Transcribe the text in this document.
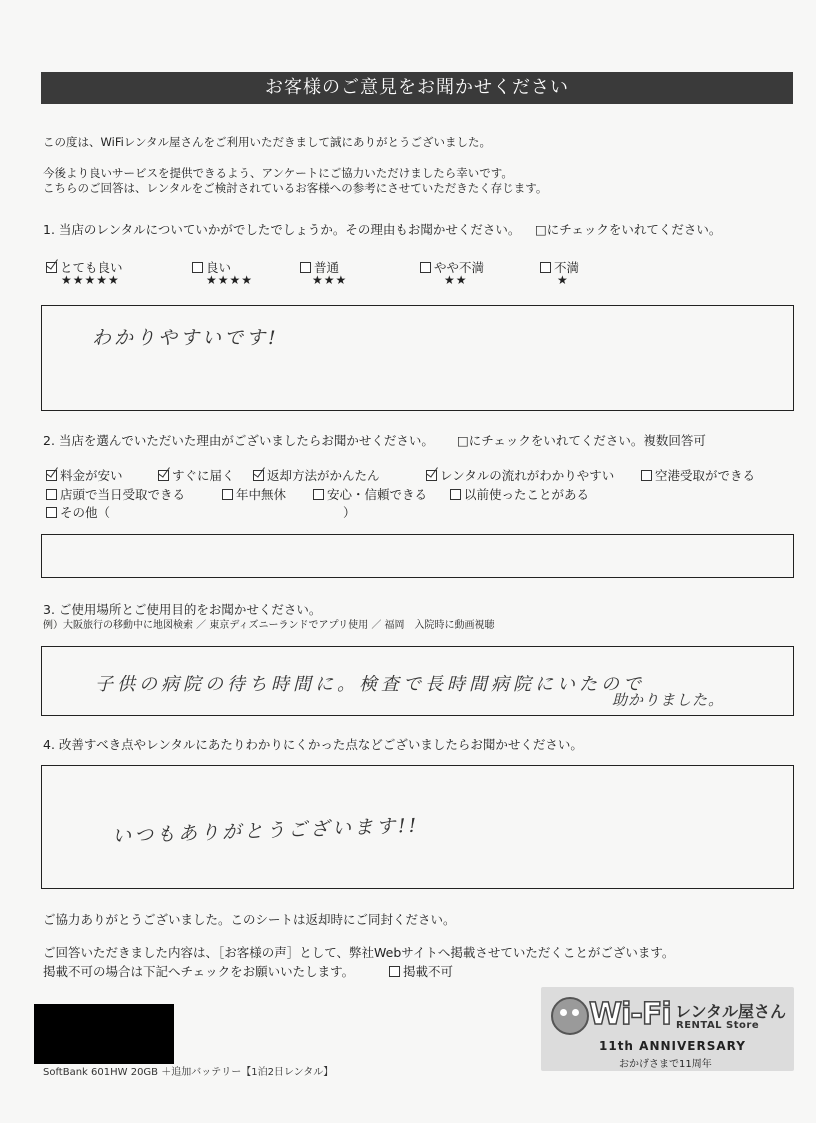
お客様のご意見をお聞かせください
この度は、WiFiレンタル屋さんをご利用いただきまして誠にありがとうございました。
今後より良いサービスを提供できるよう、アンケートにご協力いただけましたら幸いです。
こちらのご回答は、レンタルをご検討されているお客様への参考にさせていただきたく存じます。
1. 当店のレンタルについていかがでしたでしょうか。その理由もお聞かせください。 □にチェックをいれてください。
とても良い
★★★★★
良い
★★★★
普通
★★★
やや不満
★★
不満
★
わかりやすいです!
2. 当店を選んでいただいた理由がございましたらお聞かせください。 □にチェックをいれてください。複数回答可
料金が安い	すぐに届く	返却方法がかんたん	レンタルの流れがわかりやすい	空港受取ができる
店頭で当日受取できる	年中無休	安心・信頼できる	以前使ったことがある
その他（	）
3. ご使用場所とご使用目的をお聞かせください。
例）大阪旅行の移動中に地図検索 ／ 東京ディズニーランドでアプリ使用 ／ 福岡　入院時に動画視聴
子供の病院の待ち時間に。検査で長時間病院にいたので
助かりました。
4. 改善すべき点やレンタルにあたりわかりにくかった点などございましたらお聞かせください。
いつもありがとうございます!!
ご協力ありがとうございました。このシートは返却時にご同封ください。
ご回答いただきました内容は、［お客様の声］として、弊社Webサイトへ掲載させていただくことがございます。
掲載不可の場合は下記へチェックをお願いいたします。	掲載不可
SoftBank 601HW 20GB ＋追加バッテリー【1泊2日レンタル】
Wi-Fi レンタル屋さん
RENTAL Store
11th ANNIVERSARY
おかげさまで11周年
